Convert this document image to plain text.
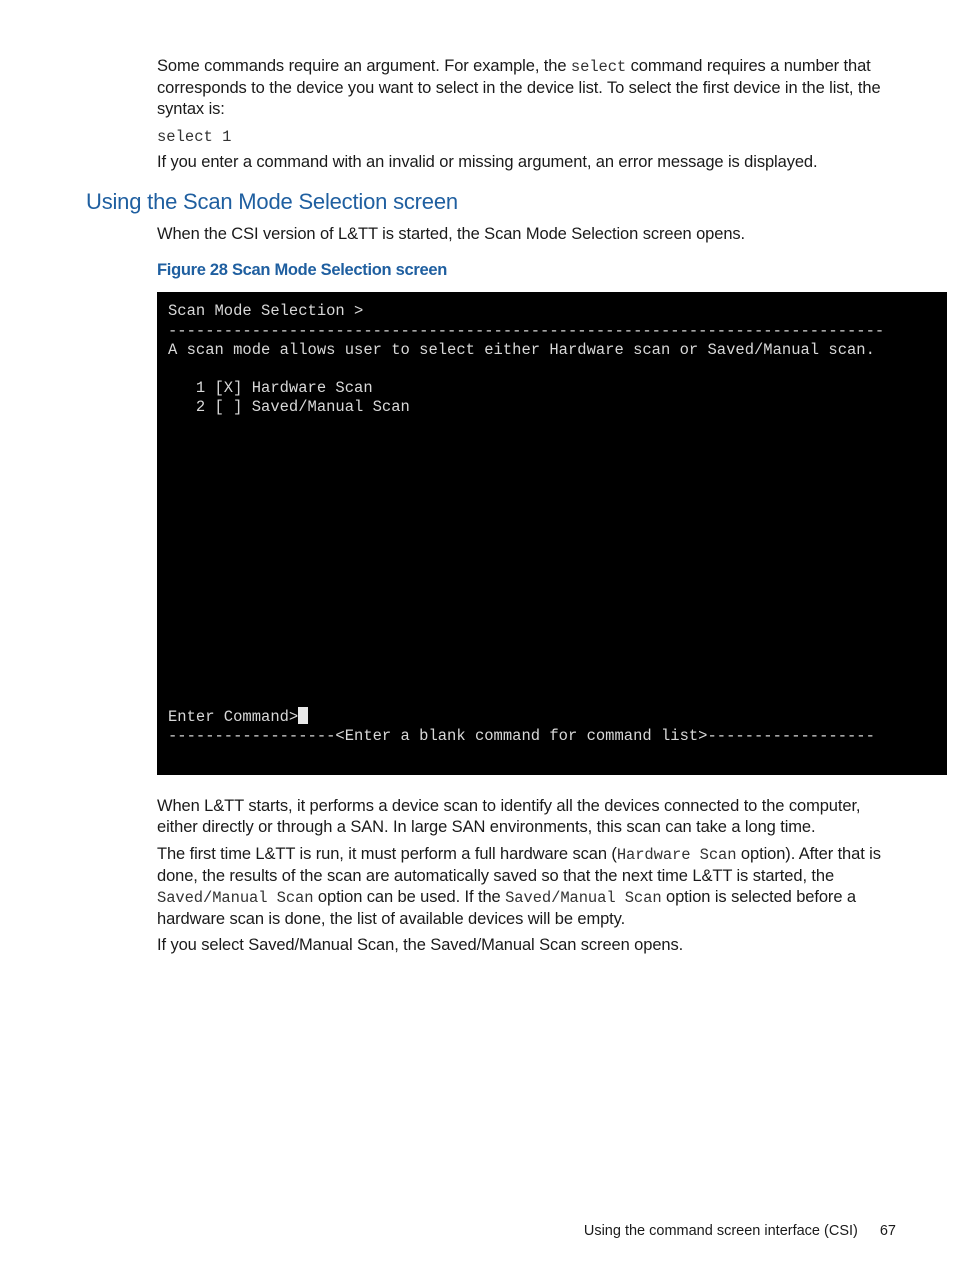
Some commands require an argument. For example, the select command requires a number that corresponds to the device you want to select in the device list. To select the first device in the list, the syntax is:

select 1

If you enter a command with an invalid or missing argument, an error message is displayed.

Using the Scan Mode Selection screen

When the CSI version of L&TT is started, the Scan Mode Selection screen opens.

Figure 28 Scan Mode Selection screen

Scan Mode Selection >
-----------------------------------------------------------------------------
A scan mode allows user to select either Hardware scan or Saved/Manual scan.
1 [X] Hardware Scan
2 [ ] Saved/Manual Scan
Enter Command>
------------------<Enter a blank command for command list>------------------

When L&TT starts, it performs a device scan to identify all the devices connected to the computer, either directly or through a SAN. In large SAN environments, this scan can take a long time.

The first time L&TT is run, it must perform a full hardware scan (Hardware Scan option). After that is done, the results of the scan are automatically saved so that the next time L&TT is started, the Saved/Manual Scan option can be used. If the Saved/Manual Scan option is selected before a hardware scan is done, the list of available devices will be empty.

If you select Saved/Manual Scan, the Saved/Manual Scan screen opens.

Using the command screen interface (CSI) 67
